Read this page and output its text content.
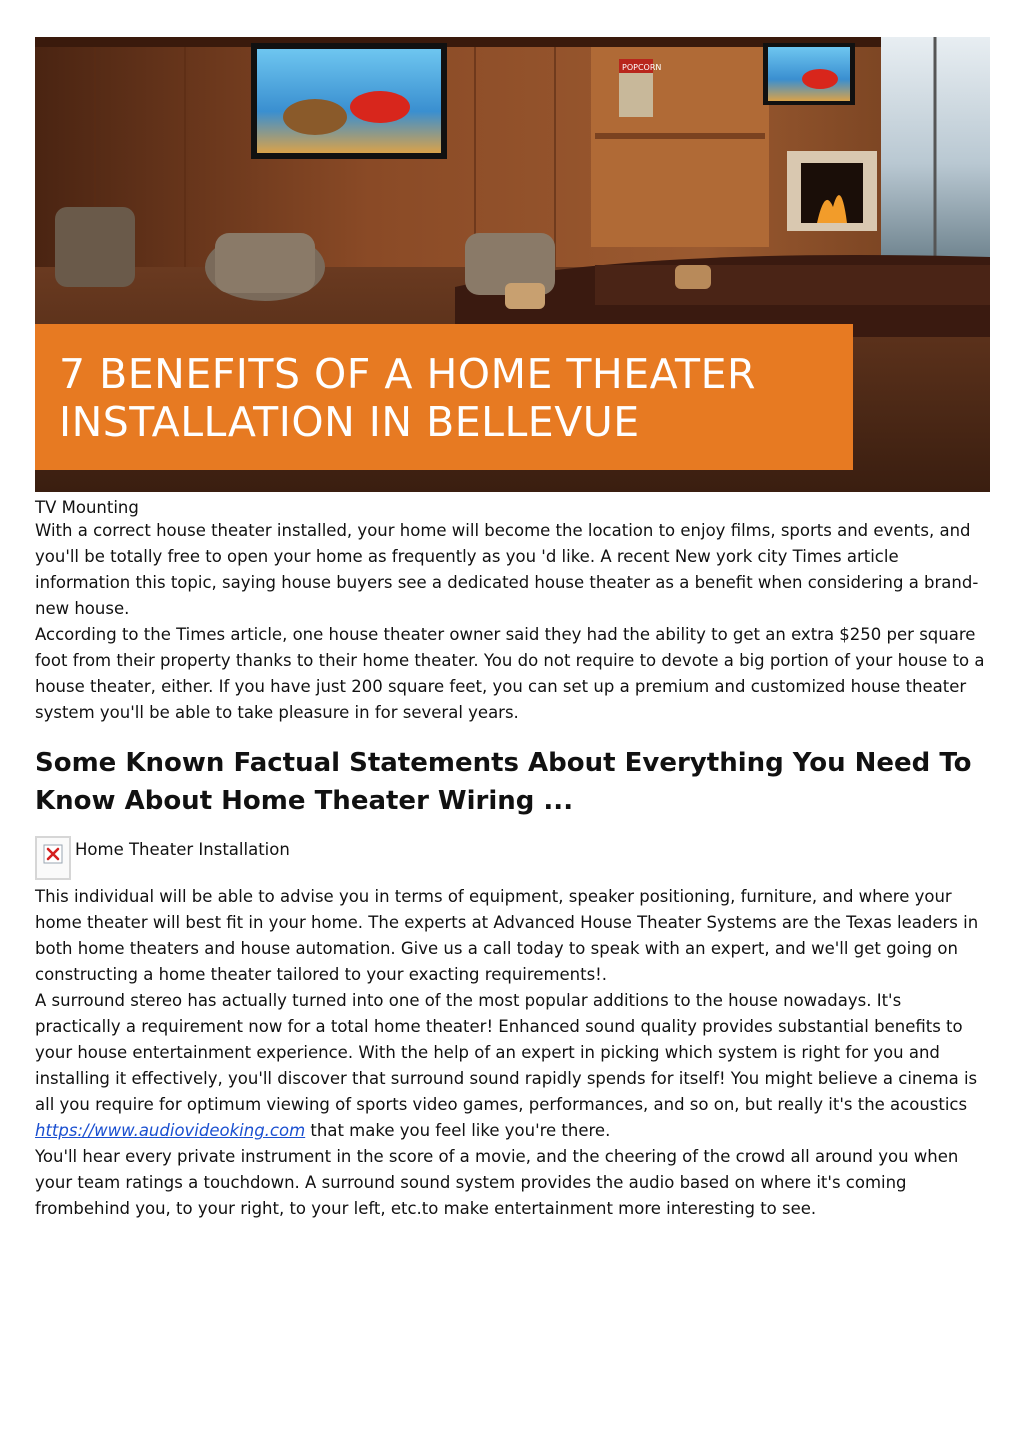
POPCORN
7 BENEFITS OF A HOME THEATER
INSTALLATION IN BELLEVUE
TV Mounting

With a correct house theater installed, your home will become the location to enjoy films, sports and events, and you'll be totally free to open your home as frequently as you 'd like. A recent New york city Times article information this topic, saying house buyers see a dedicated house theater as a benefit when considering a brand-new house.

According to the Times article, one house theater owner said they had the ability to get an extra $250 per square foot from their property thanks to their home theater. You do not require to devote a big portion of your house to a house theater, either. If you have just 200 square feet, you can set up a premium and customized house theater system you'll be able to take pleasure in for several years.

Some Known Factual Statements About Everything You Need To Know About Home Theater Wiring ...
Home Theater Installation

This individual will be able to advise you in terms of equipment, speaker positioning, furniture, and where your home theater will best fit in your home. The experts at Advanced House Theater Systems are the Texas leaders in both home theaters and house automation. Give us a call today to speak with an expert, and we'll get going on constructing a home theater tailored to your exacting requirements!.

A surround stereo has actually turned into one of the most popular additions to the house nowadays. It's practically a requirement now for a total home theater! Enhanced sound quality provides substantial benefits to your house entertainment experience. With the help of an expert in picking which system is right for you and installing it effectively, you'll discover that surround sound rapidly spends for itself! You might believe a cinema is all you require for optimum viewing of sports video games, performances, and so on, but really it's the acoustics https://www.audiovideoking.com that make you feel like you're there.

You'll hear every private instrument in the score of a movie, and the cheering of the crowd all around you when your team ratings a touchdown. A surround sound system provides the audio based on where it's coming frombehind you, to your right, to your left, etc.to make entertainment more interesting to see.
